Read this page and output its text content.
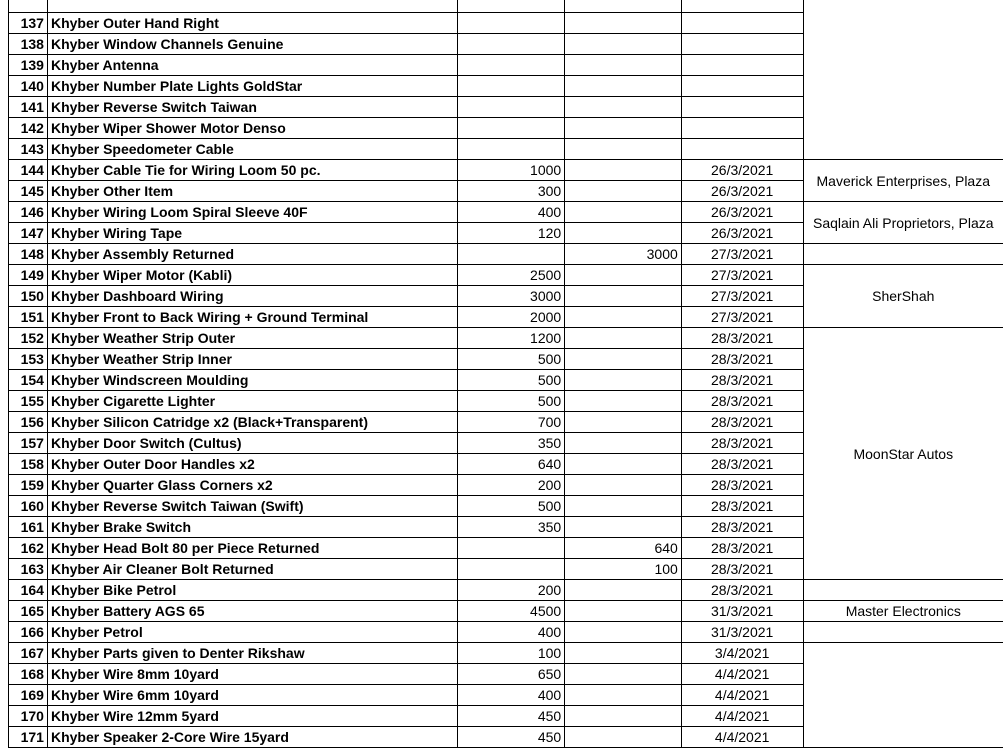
137	Khyber Outer Hand Right				
138	Khyber Window Channels Genuine				
139	Khyber Antenna				
140	Khyber Number Plate Lights GoldStar				
141	Khyber Reverse Switch Taiwan				
142	Khyber Wiper Shower Motor Denso				
143	Khyber Speedometer Cable				
144	Khyber Cable Tie for Wiring Loom 50 pc.	1000		26/3/2021	Maverick Enterprises, Plaza
145	Khyber Other Item	300		26/3/2021	
146	Khyber Wiring Loom Spiral Sleeve 40F	400		26/3/2021	Saqlain Ali Proprietors, Plaza
147	Khyber Wiring Tape	120		26/3/2021	
148	Khyber Assembly Returned		3000	27/3/2021	
149	Khyber Wiper Motor (Kabli)	2500		27/3/2021	SherShah
150	Khyber Dashboard Wiring	3000		27/3/2021	
151	Khyber Front to Back Wiring + Ground Terminal	2000		27/3/2021	
152	Khyber Weather Strip Outer	1200		28/3/2021	MoonStar Autos
153	Khyber Weather Strip Inner	500		28/3/2021	
154	Khyber Windscreen Moulding	500		28/3/2021	
155	Khyber Cigarette Lighter	500		28/3/2021	
156	Khyber Silicon Catridge x2 (Black+Transparent)	700		28/3/2021	
157	Khyber Door Switch (Cultus)	350		28/3/2021	
158	Khyber Outer Door Handles x2	640		28/3/2021	
159	Khyber Quarter Glass Corners x2	200		28/3/2021	
160	Khyber Reverse Switch Taiwan (Swift)	500		28/3/2021	
161	Khyber Brake Switch	350		28/3/2021	
162	Khyber Head Bolt 80 per Piece Returned		640	28/3/2021	
163	Khyber Air Cleaner Bolt Returned		100	28/3/2021	
164	Khyber Bike Petrol	200		28/3/2021	
165	Khyber Battery AGS 65	4500		31/3/2021	Master Electronics
166	Khyber Petrol	400		31/3/2021	
167	Khyber Parts given to Denter Rikshaw	100		3/4/2021	
168	Khyber Wire 8mm 10yard	650		4/4/2021	
169	Khyber Wire 6mm 10yard	400		4/4/2021	
170	Khyber Wire 12mm 5yard	450		4/4/2021	
171	Khyber Speaker 2-Core Wire 15yard	450		4/4/2021	
